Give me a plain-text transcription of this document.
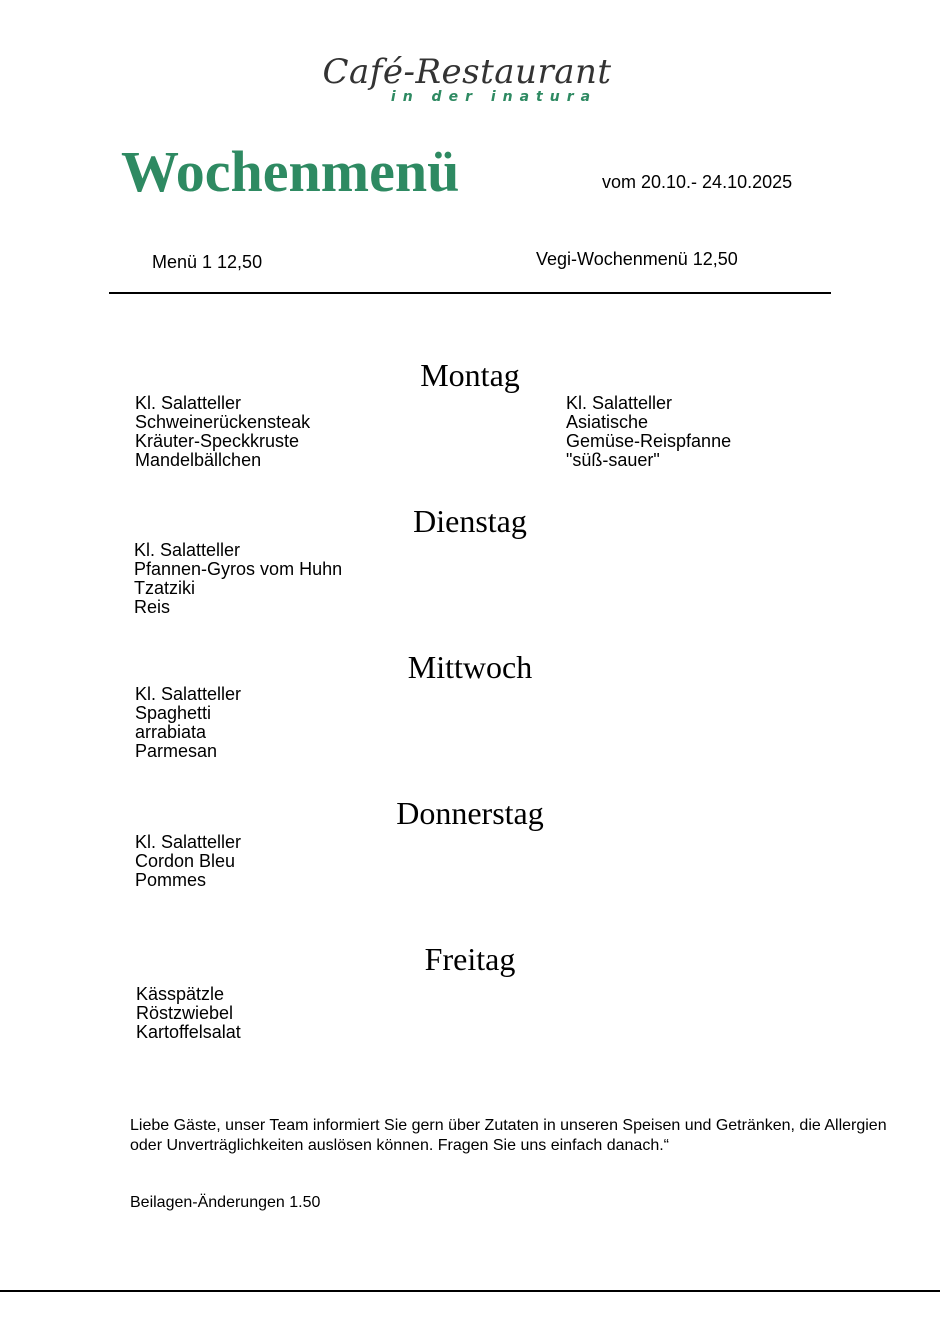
Café-Restaurant
in der inatura
Wochenmenü	vom 20.10.- 24.10.2025
Menü 1 12,50	Vegi-Wochenmenü 12,50
Montag
Kl. Salatteller
Schweinerückensteak
Kräuter-Speckkruste
Mandelbällchen
Kl. Salatteller
Asiatische
Gemüse-Reispfanne
"süß-sauer"
Dienstag
Kl. Salatteller
Pfannen-Gyros vom Huhn
Tzatziki
Reis
Mittwoch
Kl. Salatteller
Spaghetti
arrabiata
Parmesan
Donnerstag
Kl. Salatteller
Cordon Bleu
Pommes
Freitag
Kässpätzle
Röstzwiebel
Kartoffelsalat
Liebe Gäste, unser Team informiert Sie gern über Zutaten in unseren Speisen und Getränken, die Allergien oder Unverträglichkeiten auslösen können. Fragen Sie uns einfach danach.“
Beilagen-Änderungen 1.50
